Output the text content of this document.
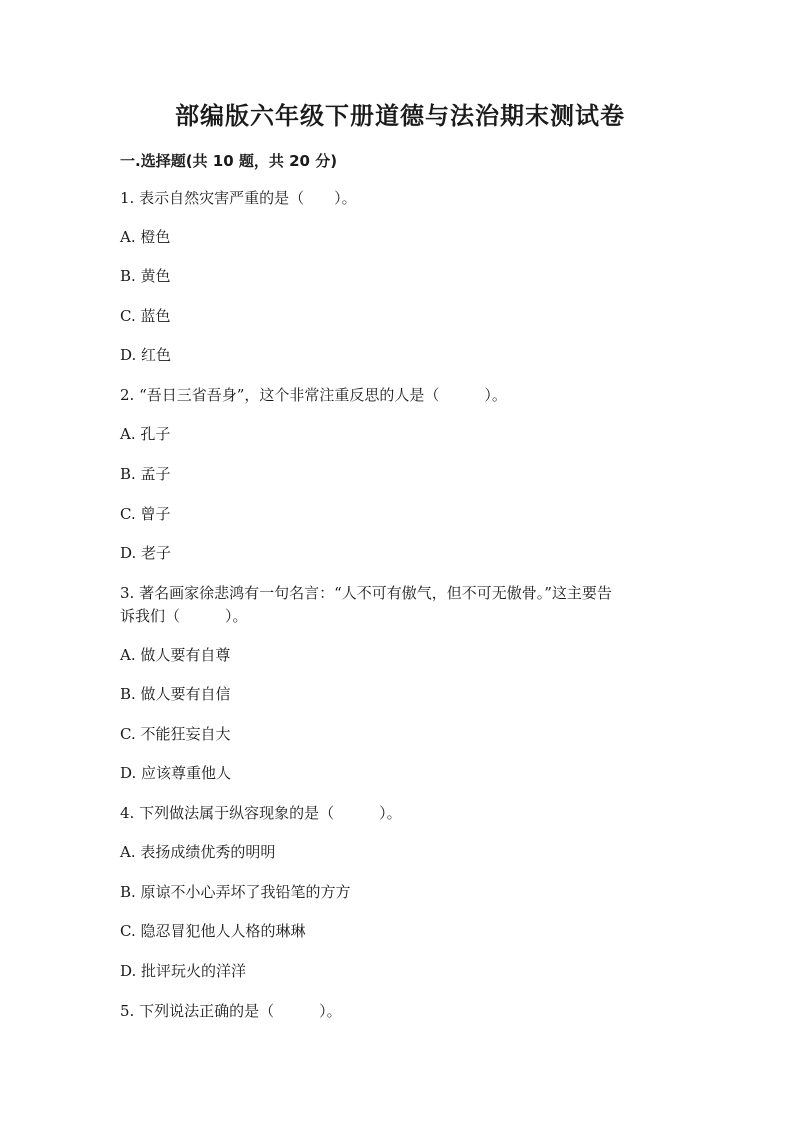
部编版六年级下册道德与法治期末测试卷
一.选择题(共 10 题，共 20 分)
1. 表示自然灾害严重的是（　　）。
A. 橙色
B. 黄色
C. 蓝色
D. 红色
2. “吾日三省吾身”，这个非常注重反思的人是（　　　）。
A. 孔子
B. 孟子
C. 曾子
D. 老子
3. 著名画家徐悲鸿有一句名言：“人不可有傲气，但不可无傲骨。”这主要告
诉我们（　　　）。
A. 做人要有自尊
B. 做人要有自信
C. 不能狂妄自大
D. 应该尊重他人
4. 下列做法属于纵容现象的是（　　　）。
A. 表扬成绩优秀的明明
B. 原谅不小心弄坏了我铅笔的方方
C. 隐忍冒犯他人人格的琳琳
D. 批评玩火的洋洋
5. 下列说法正确的是（　　　）。
